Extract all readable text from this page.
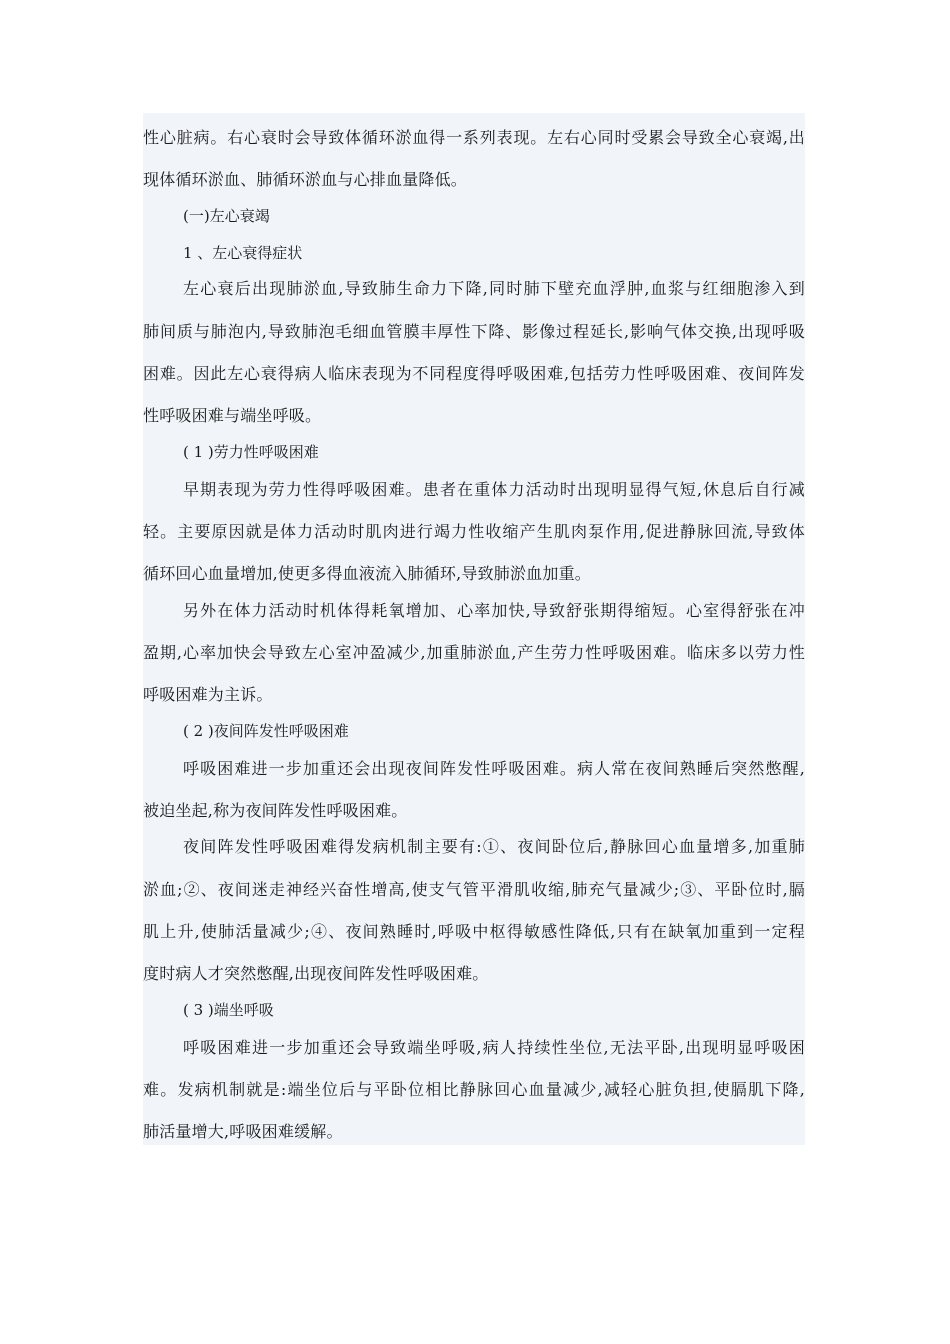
性心脏病。右心衰时会导致体循环淤血得一系列表现。左右心同时受累会导致全心衰竭,出
现体循环淤血、肺循环淤血与心排血量降低。
(一)左心衰竭
1 、左心衰得症状
左心衰后出现肺淤血,导致肺生命力下降,同时肺下壁充血浮肿,血浆与红细胞渗入到
肺间质与肺泡内,导致肺泡毛细血管膜丰厚性下降、影像过程延长,影响气体交换,出现呼吸
困难。因此左心衰得病人临床表现为不同程度得呼吸困难,包括劳力性呼吸困难、夜间阵发
性呼吸困难与端坐呼吸。
( 1 )劳力性呼吸困难
早期表现为劳力性得呼吸困难。患者在重体力活动时出现明显得气短,休息后自行减
轻。主要原因就是体力活动时肌肉进行竭力性收缩产生肌肉泵作用,促进静脉回流,导致体
循环回心血量增加,使更多得血液流入肺循环,导致肺淤血加重。
另外在体力活动时机体得耗氧增加、心率加快,导致舒张期得缩短。心室得舒张在冲
盈期,心率加快会导致左心室冲盈减少,加重肺淤血,产生劳力性呼吸困难。临床多以劳力性
呼吸困难为主诉。
( 2 )夜间阵发性呼吸困难
呼吸困难进一步加重还会出现夜间阵发性呼吸困难。病人常在夜间熟睡后突然憋醒,
被迫坐起,称为夜间阵发性呼吸困难。
夜间阵发性呼吸困难得发病机制主要有:①、夜间卧位后,静脉回心血量增多,加重肺
淤血;②、夜间迷走神经兴奋性增高,使支气管平滑肌收缩,肺充气量减少;③、平卧位时,膈
肌上升,使肺活量减少;④、夜间熟睡时,呼吸中枢得敏感性降低,只有在缺氧加重到一定程
度时病人才突然憋醒,出现夜间阵发性呼吸困难。
( 3 )端坐呼吸
呼吸困难进一步加重还会导致端坐呼吸,病人持续性坐位,无法平卧,出现明显呼吸困
难。发病机制就是:端坐位后与平卧位相比静脉回心血量减少,减轻心脏负担,使膈肌下降,
肺活量增大,呼吸困难缓解。
